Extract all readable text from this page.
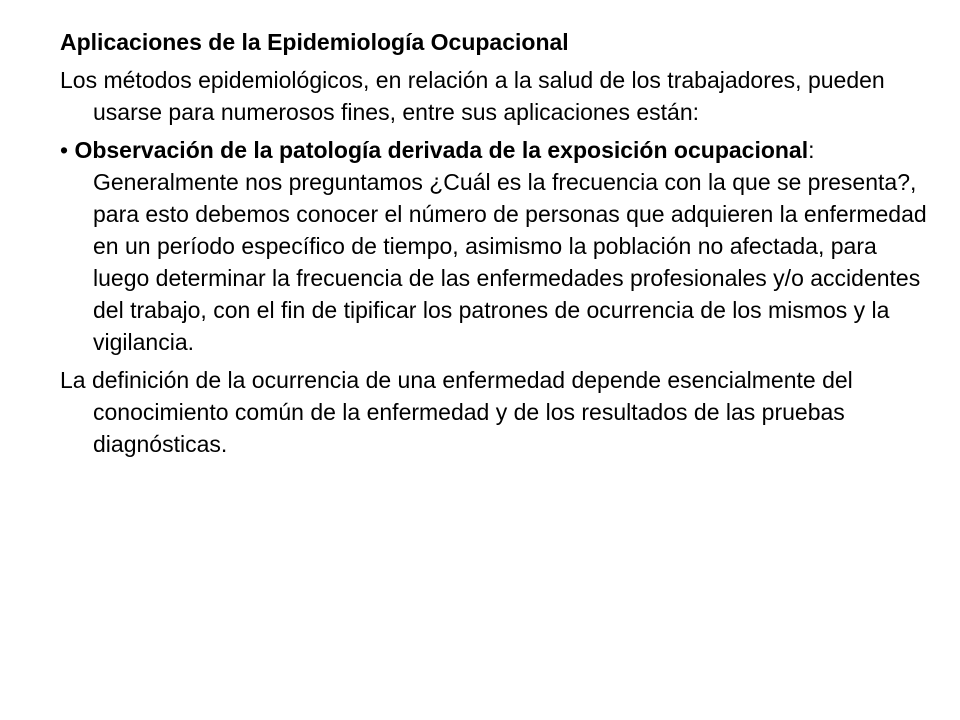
Aplicaciones de la Epidemiología Ocupacional
Los métodos epidemiológicos, en relación a la salud de los trabajadores, pueden usarse para numerosos fines, entre sus aplicaciones están:
• Observación de la patología derivada de la exposición ocupacional: Generalmente nos preguntamos ¿Cuál es la frecuencia con la que se presenta?, para esto debemos conocer el número de personas que adquieren la enfermedad en un período específico de tiempo, asimismo la población no afectada, para luego determinar la frecuencia de las enfermedades profesionales y/o accidentes del trabajo, con el fin de tipificar los patrones de ocurrencia de los mismos y la vigilancia.
La definición de la ocurrencia de una enfermedad depende esencialmente del conocimiento común de la enfermedad y de los resultados de las pruebas diagnósticas.
